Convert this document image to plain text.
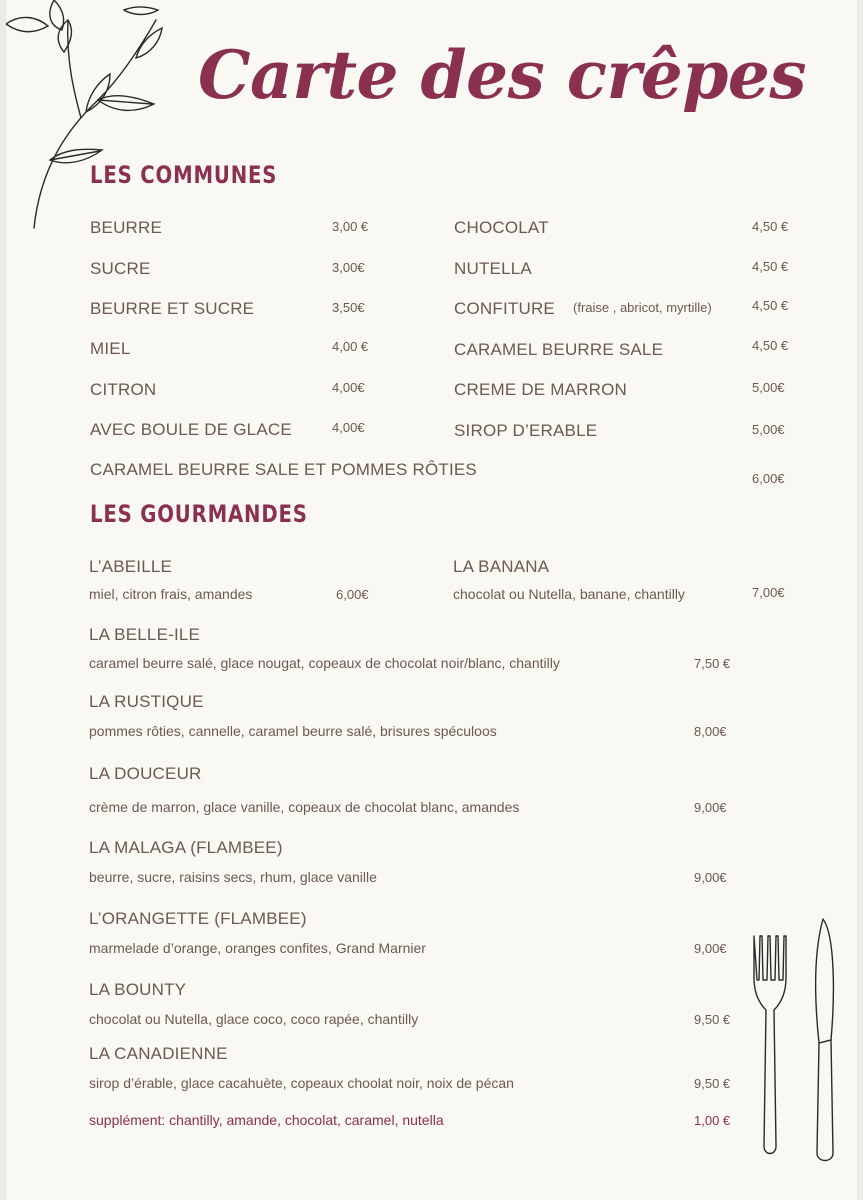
Carte des crêpes
LES COMMUNES
BEURRE	3,00 €
SUCRE	3,00€
BEURRE ET SUCRE	3,50€
MIEL	4,00 €
CITRON	4,00€
AVEC BOULE DE GLACE	4,00€
CHOCOLAT	4,50 €
NUTELLA	4,50 €
CONFITURE (fraise , abricot, myrtille)	4,50 €
CARAMEL BEURRE SALE	4,50 €
CREME DE MARRON	5,00€
SIROP D’ERABLE	5,00€
CARAMEL BEURRE SALE ET POMMES RÔTIES	6,00€
LES GOURMANDES
L’ABEILLE
miel, citron frais, amandes	6,00€
LA BANANA
chocolat ou Nutella, banane, chantilly	7,00€
LA BELLE-ILE
caramel beurre salé, glace nougat, copeaux de chocolat noir/blanc, chantilly	7,50 €
LA RUSTIQUE
pommes rôties, cannelle, caramel beurre salé, brisures spéculoos	8,00€
LA DOUCEUR
crème de marron, glace vanille, copeaux de chocolat blanc, amandes	9,00€
LA MALAGA (FLAMBEE)
beurre, sucre, raisins secs, rhum, glace vanille	9,00€
L’ORANGETTE (FLAMBEE)
marmelade d’orange, oranges confites, Grand Marnier	9,00€
LA BOUNTY
chocolat ou Nutella, glace coco, coco rapée, chantilly	9,50 €
LA CANADIENNE
sirop d’érable, glace cacahuète, copeaux choolat noir, noix de pécan	9,50 €
supplément: chantilly, amande, chocolat, caramel, nutella	1,00 €
